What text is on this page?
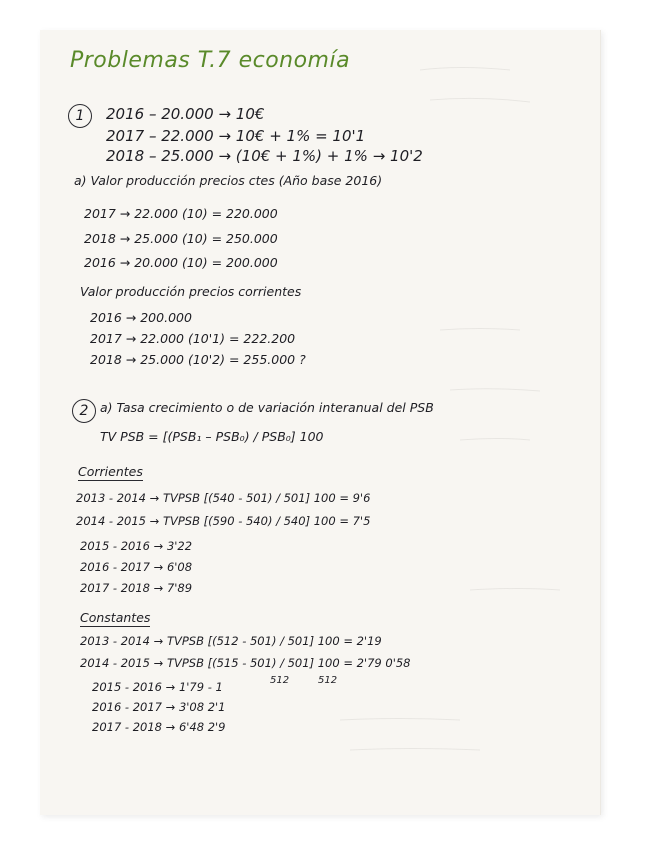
Problemas T.7 economía

1	2016 – 20.000 → 10€

2017 – 22.000 → 10€ + 1% = 10'1

2018 – 25.000 → (10€ + 1%) + 1% → 10'2

a) Valor producción precios ctes (Año base 2016)

2017 → 22.000 (10) = 220.000

2018 → 25.000 (10) = 250.000

2016 → 20.000 (10) = 200.000

Valor producción precios corrientes

2016 → 200.000

2017 → 22.000 (10'1) = 222.200

2018 → 25.000 (10'2) = 255.000 ?

2 a) Tasa crecimiento o de variación interanual del PSB

TV PSB = [(PSB₁ – PSB₀) / PSB₀] 100

Corrientes

2013 - 2014 → TVPSB [(540 - 501) / 501] 100 = 9'6

2014 - 2015 → TVPSB [(590 - 540) / 540] 100 = 7'5

2015 - 2016 → 3'22

2016 - 2017 → 6'08

2017 - 2018 → 7'89

Constantes

2013 - 2014 → TVPSB [(512 - 501) / 501] 100 = 2'19

2014 - 2015 → TVPSB [(515 - 501) / 501] 100 = 2'79 0'58

512	512

2015 - 2016 → 1'79 - 1

2016 - 2017 → 3'08 2'1

2017 - 2018 → 6'48 2'9
